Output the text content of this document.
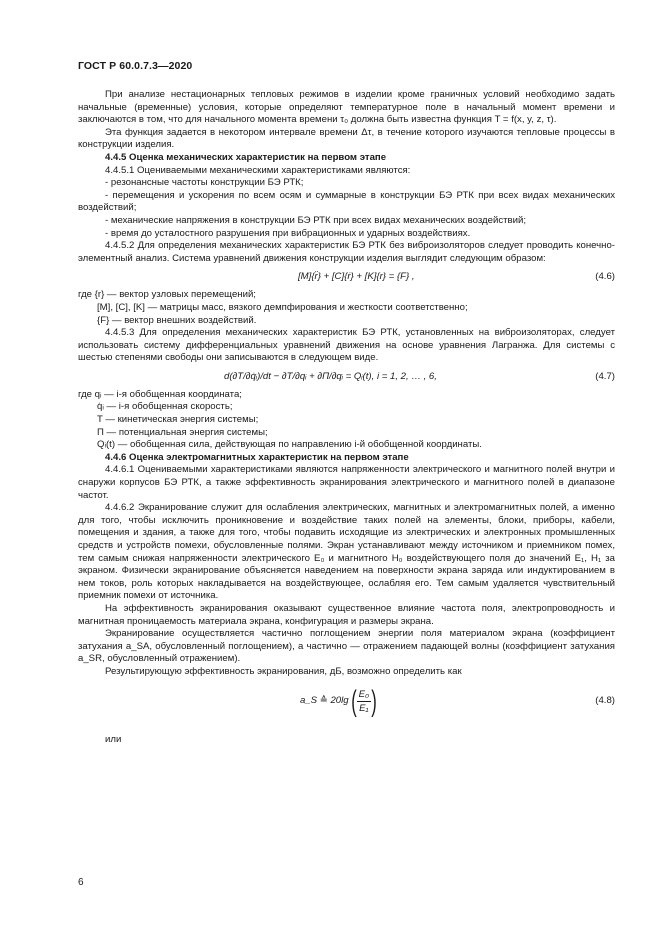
ГОСТ Р 60.0.7.3—2020

При анализе нестационарных тепловых режимов в изделии кроме граничных условий необходимо задать начальные (временные) условия, которые определяют температурное поле в начальный момент времени и заключаются в том, что для начального момента времени τ₀ должна быть известна функция T = f(x, y, z, τ).

Эта функция задается в некотором интервале времени Δτ, в течение которого изучаются тепловые процессы в конструкции изделия.

4.4.5 Оценка механических характеристик на первом этапе

4.4.5.1 Оцениваемыми механическими характеристиками являются:

- резонансные частоты конструкции БЭ РТК;

- перемещения и ускорения по всем осям и суммарные в конструкции БЭ РТК при всех видах механических воздействий;

- механические напряжения в конструкции БЭ РТК при всех видах механических воздействий;

- время до усталостного разрушения при вибрационных и ударных воздействиях.

4.4.5.2 Для определения механических характеристик БЭ РТК без виброизоляторов следует проводить конечно-элементный анализ. Система уравнений движения конструкции изделия выглядит следующим образом:

[M]{r̈} + [C]{ṙ} + [K]{r} = {F} ,	(4.6)

где {r} — вектор узловых перемещений;

[M], [C], [K] — матрицы масс, вязкого демпфирования и жесткости соответственно;

{F} — вектор внешних воздействий.

4.4.5.3 Для определения механических характеристик БЭ РТК, установленных на виброизоляторах, следует использовать систему дифференциальных уравнений движения на основе уравнения Лагранжа. Для системы с шестью степенями свободы они записываются в следующем виде.

d(∂T/∂q̇ᵢ)/dt − ∂T/∂qᵢ + ∂П/∂qᵢ = Qᵢ(t), i = 1, 2, … , 6,	(4.7)

где qᵢ — i-я обобщенная координата;

q̇ᵢ — i-я обобщенная скорость;

T — кинетическая энергия системы;

П — потенциальная энергия системы;

Qᵢ(t) — обобщенная сила, действующая по направлению i-й обобщенной координаты.

4.4.6 Оценка электромагнитных характеристик на первом этапе

4.4.6.1 Оцениваемыми характеристиками являются напряженности электрического и магнитного полей внутри и снаружи корпусов БЭ РТК, а также эффективность экранирования электрического и магнитного полей в диапазоне частот.

4.4.6.2 Экранирование служит для ослабления электрических, магнитных и электромагнитных полей, а именно для того, чтобы исключить проникновение и воздействие таких полей на элементы, блоки, приборы, кабели, помещения и здания, а также для того, чтобы подавить исходящие из электрических и электронных промышленных средств и устройств помехи, обусловленные полями. Экран устанавливают между источником и приемником помех, тем самым снижая напряженности электрического E₀ и магнитного H₀ воздействующего поля до значений E₁, H₁ за экраном. Физически экранирование объясняется наведением на поверхности экрана заряда или индуктированием в нем токов, роль которых накладывается на воздействующее, ослабляя его. Тем самым удаляется чувствительный приемник помехи от источника.

На эффективность экранирования оказывают существенное влияние частота поля, электропроводность и магнитная проницаемость материала экрана, конфигурация и размеры экрана.

Экранирование осуществляется частично поглощением энергии поля материалом экрана (коэффициент затухания a_SA, обусловленный поглощением), а частично — отражением падающей волны (коэффициент затухания a_SR, обусловленный отражением).

Результирующую эффективность экранирования, дБ, возможно определить как

a_S ≙ 20lg ( $\frac{\text{E₀}}{\text{E₁}}$ )	(4.8)

или

6
